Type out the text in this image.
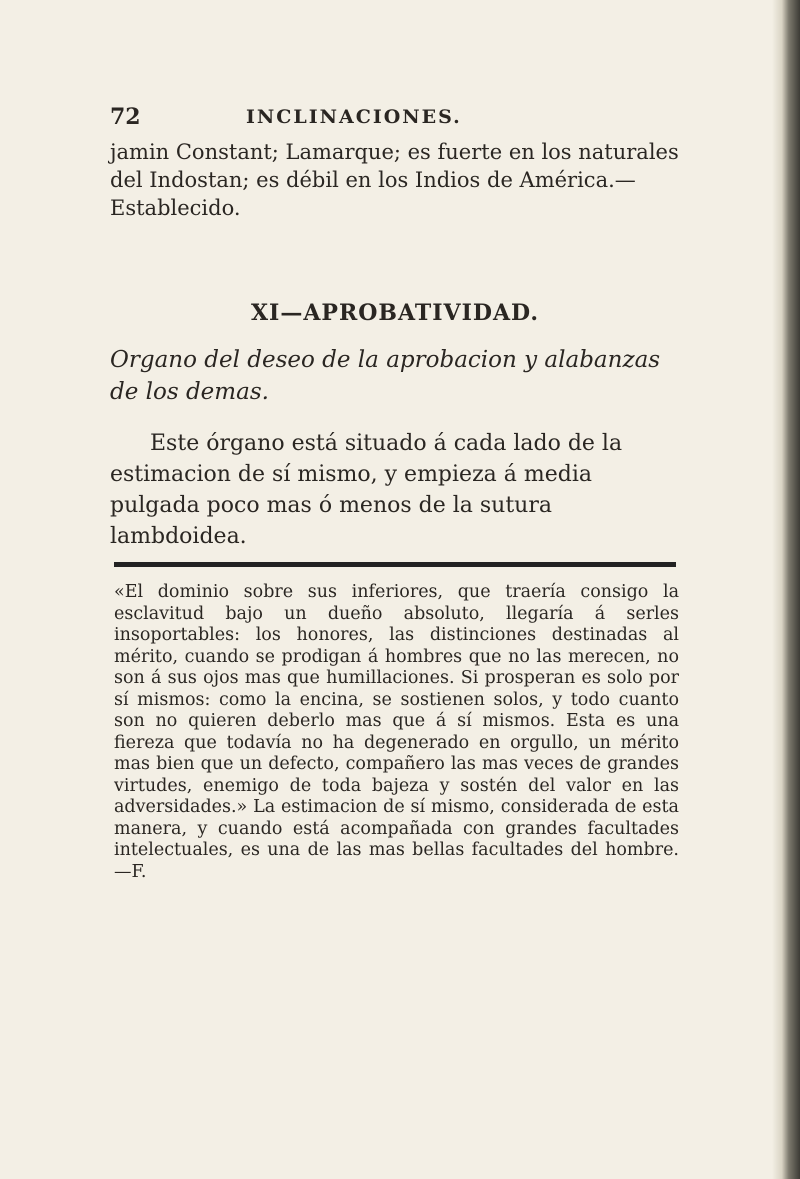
72	INCLINACIONES.

jamin Constant; Lamarque; es fuerte en los naturales del Indostan; es débil en los Indios de América.—Establecido.

XI—APROBATIVIDAD.

Organo del deseo de la aprobacion y alabanzas de los demas.

Este órgano está situado á cada lado de la estimacion de sí mismo, y empieza á media pulgada poco mas ó menos de la sutura lambdoidea.

«El dominio sobre sus inferiores, que traería consigo la esclavitud bajo un dueño absoluto, llegaría á serles insoportables: los honores, las distinciones destinadas al mérito, cuando se prodigan á hombres que no las merecen, no son á sus ojos mas que humillaciones. Si prosperan es solo por sí mismos: como la encina, se sostienen solos, y todo cuanto son no quieren deberlo mas que á sí mismos. Esta es una fiereza que todavía no ha degenerado en orgullo, un mérito mas bien que un defecto, compañero las mas veces de grandes virtudes, enemigo de toda bajeza y sostén del valor en las adversidades.» La estimacion de sí mismo, considerada de esta manera, y cuando está acompañada con grandes facultades intelectuales, es una de las mas bellas facultades del hombre.—F.
